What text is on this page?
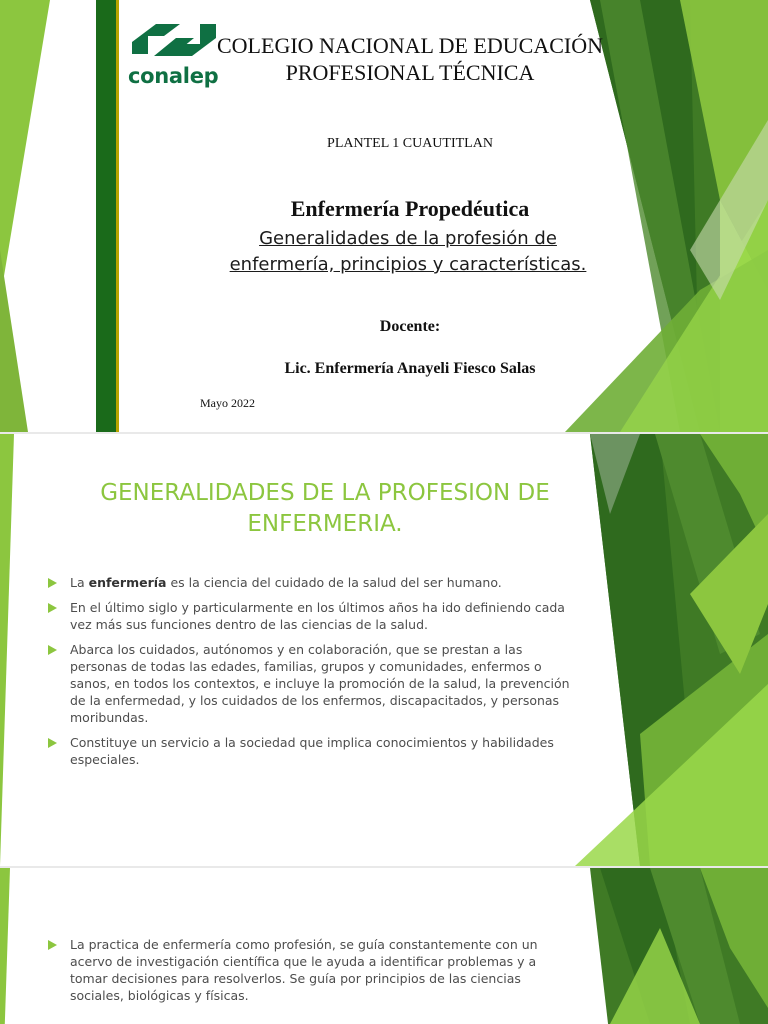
conalep
COLEGIO NACIONAL DE EDUCACIÓN
PROFESIONAL TÉCNICA
PLANTEL 1 CUAUTITLAN
Enfermería Propedéutica
Generalidades de la profesión de
enfermería, principios y características.
Docente:
Lic. Enfermería Anayeli Fiesco Salas
Mayo 2022
GENERALIDADES DE LA PROFESION DE
ENFERMERIA.
La enfermería es la ciencia del cuidado de la salud del ser humano.
En el último siglo y particularmente en los últimos años ha ido definiendo cada vez más sus funciones dentro de las ciencias de la salud.
Abarca los cuidados, autónomos y en colaboración, que se prestan a las personas de todas las edades, familias, grupos y comunidades, enfermos o sanos, en todos los contextos, e incluye la promoción de la salud, la prevención de la enfermedad, y los cuidados de los enfermos, discapacitados, y personas moribundas.
Constituye un servicio a la sociedad que implica conocimientos y habilidades especiales.
La practica de enfermería como profesión, se guía constantemente con un acervo de investigación científica que le ayuda a identificar problemas y a tomar decisiones para resolverlos. Se guía por principios de las ciencias sociales, biológicas y físicas.
